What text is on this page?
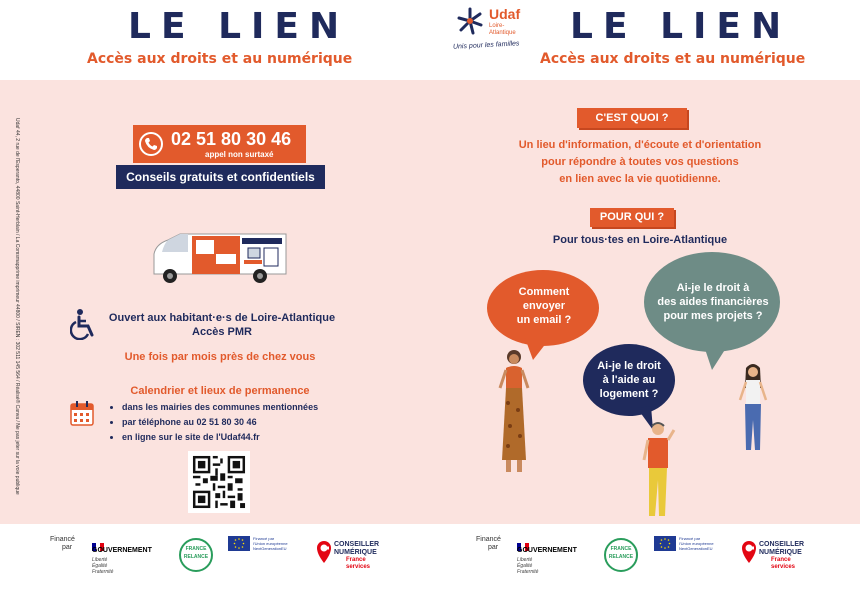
LE LIEN
Accès aux droits et au numérique
Udaf 44, 2 rue de l'Esperanto, 44800 Saint-Herblain / La Comsmapprime imprimeur 44800 / SIREN : 302 511 145 564 / Réalisé® Canva / Ne pas jeter sur la voie publique	02 51 80 30 46
appel non surtaxé
Conseils gratuits et confidentiels
Ouvert aux habitant·e·s de Loire-Atlantique
Accès PMR
Une fois par mois près de chez vous
Calendrier et lieux de permanence
• dans les mairies des communes mentionnées
• par téléphone au 02 51 80 30 46
• en ligne sur le site de l'Udaf44.fr
Udaf
Loire-
Atlantique
Unis pour les familles LE LIEN
Accès aux droits et au numérique
C'EST QUOI ?
Un lieu d'information, d'écoute et d'orientation
pour répondre à toutes vos questions
en lien avec la vie quotidienne.
POUR QUI ?
Pour tous·tes en Loire-Atlantique
Comment
envoyer
un email ?
Ai-je le droit à
des aides financières
pour mes projets ?
Ai-je le droit
à l'aide au
logement ?
Financé
par	GOUVERNEMENT
Liberté
Égalité
Fraternité
FRANCE
RELANCE
Financé par
l'Union européenne
NextGenerationEU
CONSEILLER
NUMÉRIQUE
France
services
Financé
par	GOUVERNEMENT
Liberté
Égalité
Fraternité
FRANCE
RELANCE
Financé par
l'Union européenne
NextGenerationEU
CONSEILLER
NUMÉRIQUE
France
services
